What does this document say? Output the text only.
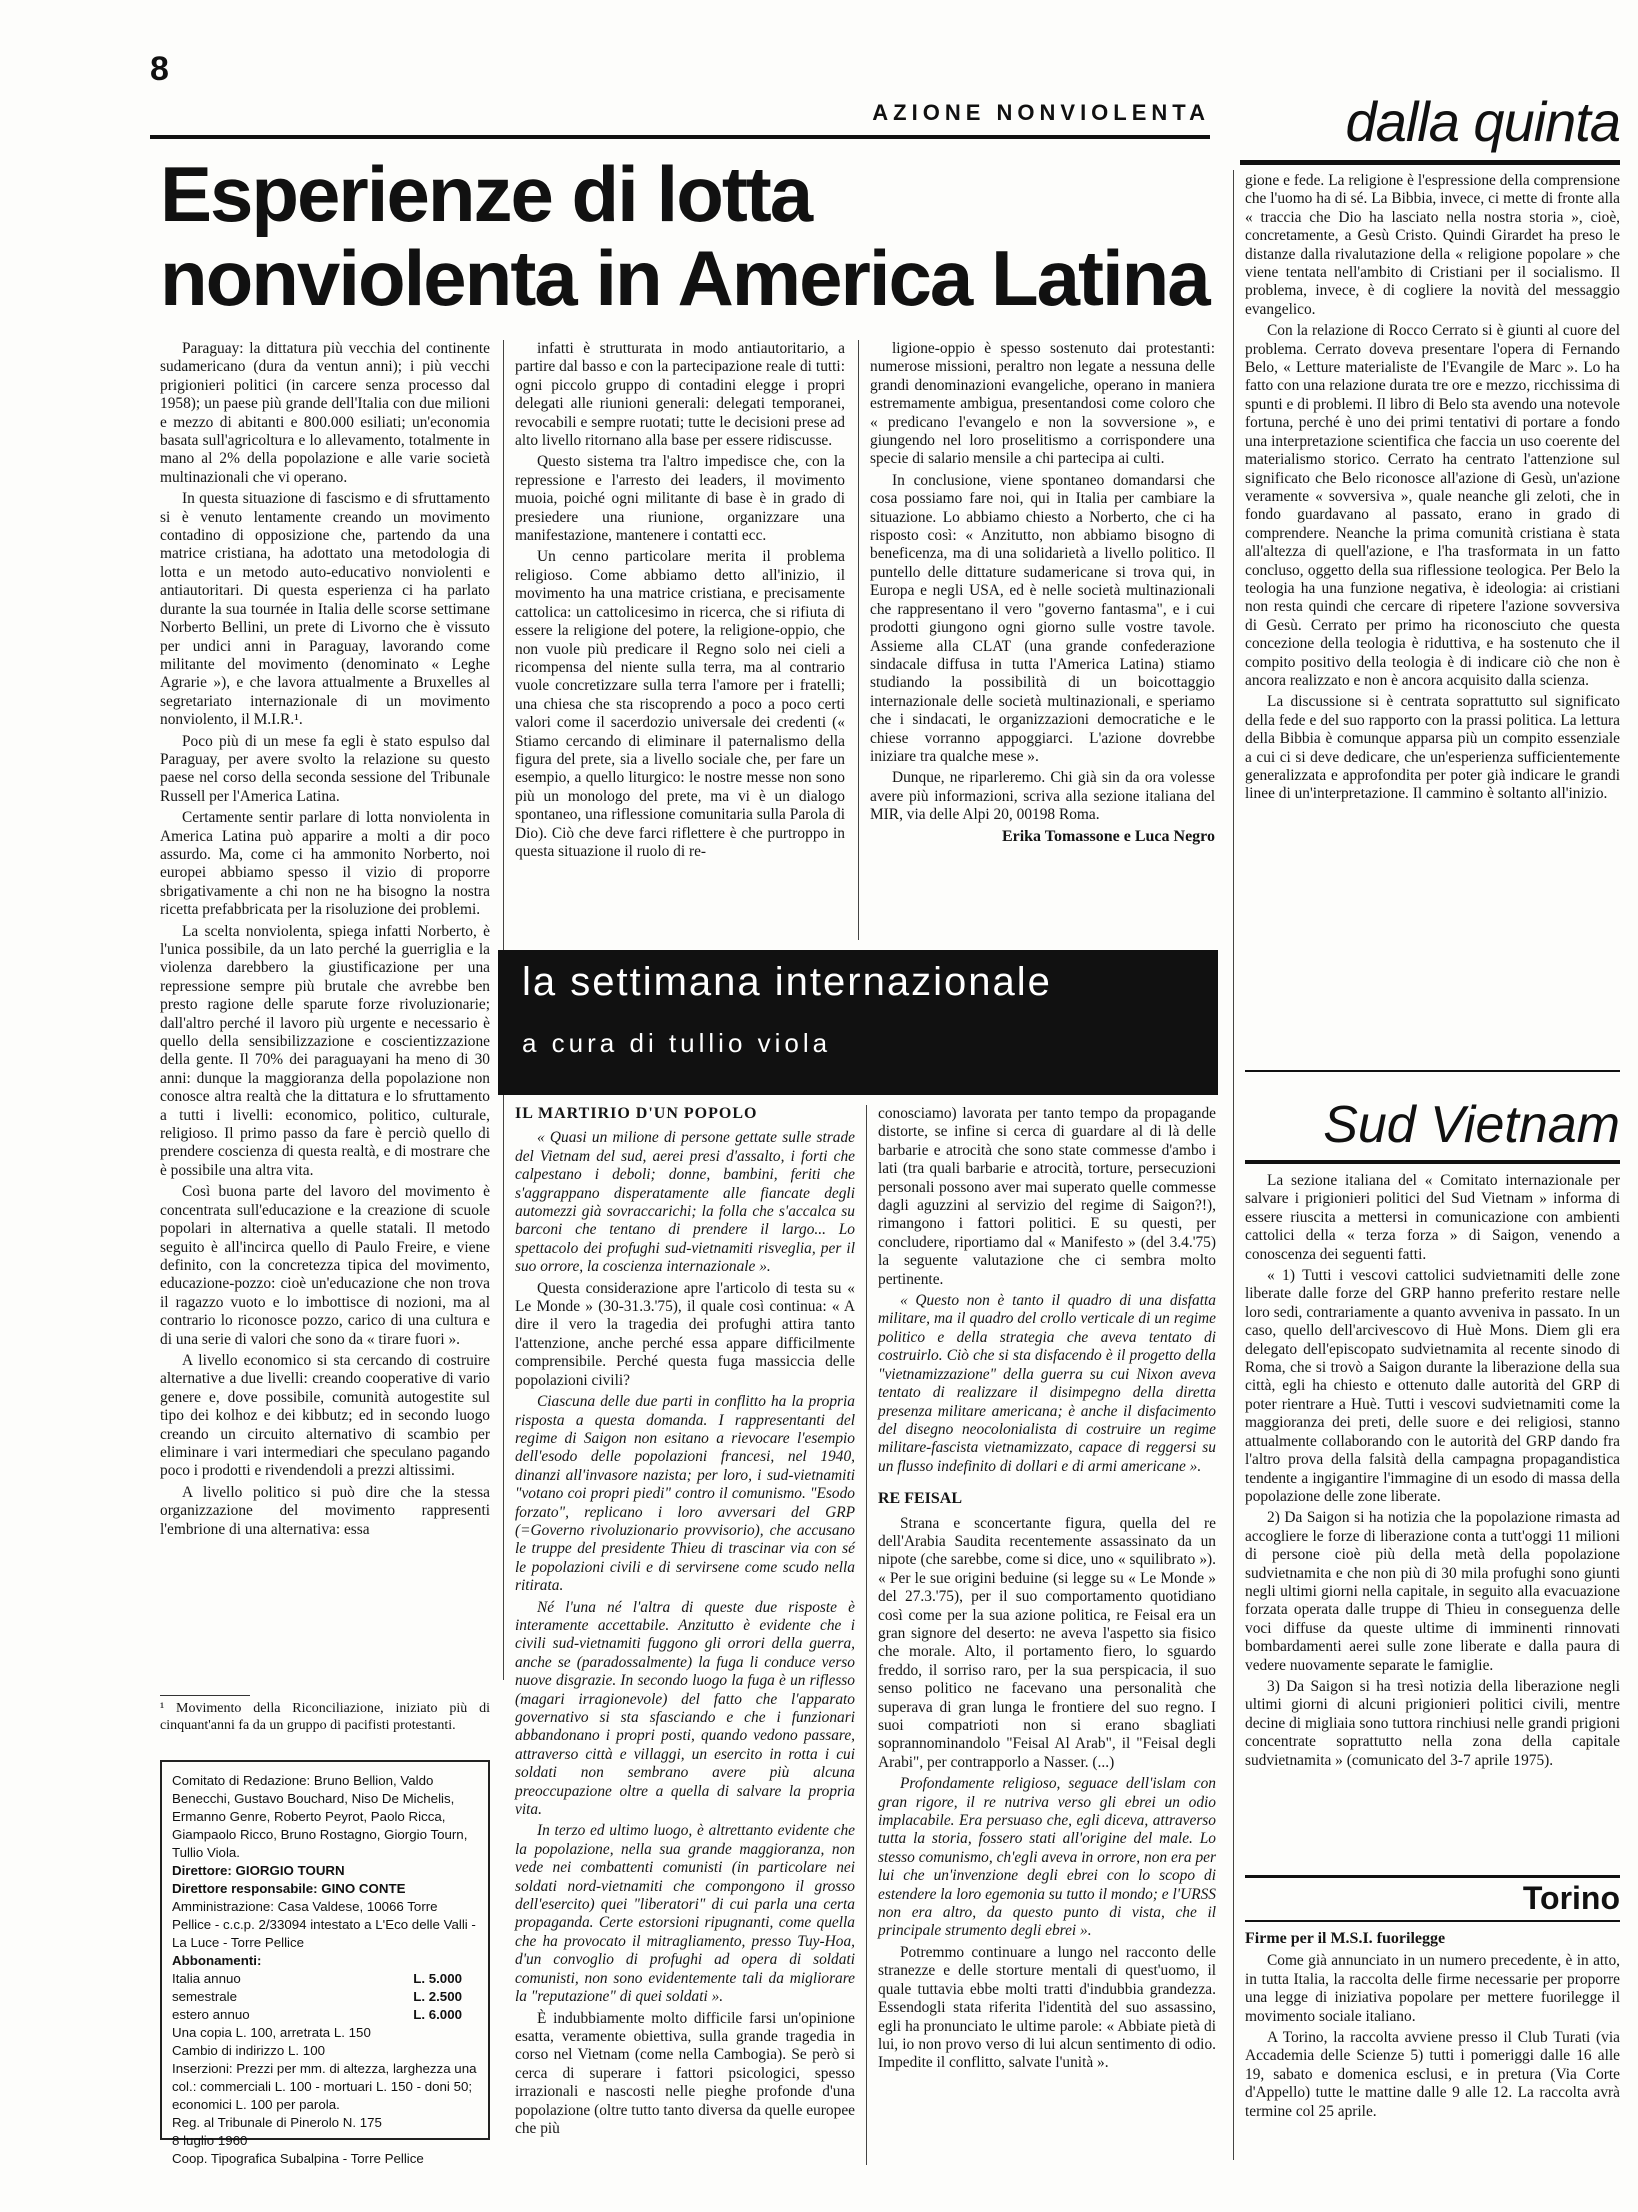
8
AZIONE NONVIOLENTA	dalla quinta
Esperienze di lotta nonviolenta in America Latina

Paraguay: la dittatura più vecchia del continente sudamericano (dura da ventun anni); i più vecchi prigionieri politici (in carcere senza processo dal 1958); un paese più grande dell'Italia con due milioni e mezzo di abitanti e 800.000 esiliati; un'economia basata sull'agricoltura e lo allevamento, totalmente in mano al 2% della popolazione e alle varie società multinazionali che vi operano.

In questa situazione di fascismo e di sfruttamento si è venuto lentamente creando un movimento contadino di opposizione che, partendo da una matrice cristiana, ha adottato una metodologia di lotta e un metodo auto-educativo nonviolenti e antiautoritari. Di questa esperienza ci ha parlato durante la sua tournée in Italia delle scorse settimane Norberto Bellini, un prete di Livorno che è vissuto per undici anni in Paraguay, lavorando come militante del movimento (denominato « Leghe Agrarie »), e che lavora attualmente a Bruxelles al segretariato internazionale di un movimento nonviolento, il M.I.R.¹.

Poco più di un mese fa egli è stato espulso dal Paraguay, per avere svolto la relazione su questo paese nel corso della seconda sessione del Tribunale Russell per l'America Latina.

Certamente sentir parlare di lotta nonviolenta in America Latina può apparire a molti a dir poco assurdo. Ma, come ci ha ammonito Norberto, noi europei abbiamo spesso il vizio di proporre sbrigativamente a chi non ne ha bisogno la nostra ricetta prefabbricata per la risoluzione dei problemi.

La scelta nonviolenta, spiega infatti Norberto, è l'unica possibile, da un lato perché la guerriglia e la violenza darebbero la giustificazione per una repressione sempre più brutale che avrebbe ben presto ragione delle sparute forze rivoluzionarie; dall'altro perché il lavoro più urgente e necessario è quello della sensibilizzazione e coscientizzazione della gente. Il 70% dei paraguayani ha meno di 30 anni: dunque la maggioranza della popolazione non conosce altra realtà che la dittatura e lo sfruttamento a tutti i livelli: economico, politico, culturale, religioso. Il primo passo da fare è perciò quello di prendere coscienza di questa realtà, e di mostrare che è possibile una altra vita.

Così buona parte del lavoro del movimento è concentrata sull'educazione e la creazione di scuole popolari in alternativa a quelle statali. Il metodo seguito è all'incirca quello di Paulo Freire, e viene definito, con la concretezza tipica del movimento, educazione-pozzo: cioè un'educazione che non trova il ragazzo vuoto e lo imbottisce di nozioni, ma al contrario lo riconosce pozzo, carico di una cultura e di una serie di valori che sono da « tirare fuori ».

A livello economico si sta cercando di costruire alternative a due livelli: creando cooperative di vario genere e, dove possibile, comunità autogestite sul tipo dei kolhoz e dei kibbutz; ed in secondo luogo creando un circuito alternativo di scambio per eliminare i vari intermediari che speculano pagando poco i prodotti e rivendendoli a prezzi altissimi.

A livello politico si può dire che la stessa organizzazione del movimento rappresenti l'embrione di una alternativa: essa

infatti è strutturata in modo antiautoritario, a partire dal basso e con la partecipazione reale di tutti: ogni piccolo gruppo di contadini elegge i propri delegati alle riunioni generali: delegati temporanei, revocabili e sempre ruotati; tutte le decisioni prese ad alto livello ritornano alla base per essere ridiscusse.

Questo sistema tra l'altro impedisce che, con la repressione e l'arresto dei leaders, il movimento muoia, poiché ogni militante di base è in grado di presiedere una riunione, organizzare una manifestazione, mantenere i contatti ecc.

Un cenno particolare merita il problema religioso. Come abbiamo detto all'inizio, il movimento ha una matrice cristiana, e precisamente cattolica: un cattolicesimo in ricerca, che si rifiuta di essere la religione del potere, la religione-oppio, che non vuole più predicare il Regno solo nei cieli a ricompensa del niente sulla terra, ma al contrario vuole concretizzare sulla terra l'amore per i fratelli; una chiesa che sta riscoprendo a poco a poco certi valori come il sacerdozio universale dei credenti (« Stiamo cercando di eliminare il paternalismo della figura del prete, sia a livello sociale che, per fare un esempio, a quello liturgico: le nostre messe non sono più un monologo del prete, ma vi è un dialogo spontaneo, una riflessione comunitaria sulla Parola di Dio). Ciò che deve farci riflettere è che purtroppo in questa situazione il ruolo di re-

ligione-oppio è spesso sostenuto dai protestanti: numerose missioni, peraltro non legate a nessuna delle grandi denominazioni evangeliche, operano in maniera estremamente ambigua, presentandosi come coloro che « predicano l'evangelo e non la sovversione », e giungendo nel loro proselitismo a corrispondere una specie di salario mensile a chi partecipa ai culti.

In conclusione, viene spontaneo domandarsi che cosa possiamo fare noi, qui in Italia per cambiare la situazione. Lo abbiamo chiesto a Norberto, che ci ha risposto così: « Anzitutto, non abbiamo bisogno di beneficenza, ma di una solidarietà a livello politico. Il puntello delle dittature sudamericane si trova qui, in Europa e negli USA, ed è nelle società multinazionali che rappresentano il vero "governo fantasma", e i cui prodotti giungono ogni giorno sulle vostre tavole. Assieme alla CLAT (una grande confederazione sindacale diffusa in tutta l'America Latina) stiamo studiando la possibilità di un boicottaggio internazionale delle società multinazionali, e speriamo che i sindacati, le organizzazioni democratiche e le chiese vorranno appoggiarci. L'azione dovrebbe iniziare tra qualche mese ».

Dunque, ne riparleremo. Chi già sin da ora volesse avere più informazioni, scriva alla sezione italiana del MIR, via delle Alpi 20, 00198 Roma.

Erika Tomassone e Luca Negro
¹ Movimento della Riconciliazione, iniziato più di cinquant'anni fa da un gruppo di pacifisti protestanti.
Comitato di Redazione: Bruno Bellion, Valdo Benecchi, Gustavo Bouchard, Niso De Michelis, Ermanno Genre, Roberto Peyrot, Paolo Ricca, Giampaolo Ricco, Bruno Rostagno, Giorgio Tourn, Tullio Viola.
Direttore: GIORGIO TOURN
Direttore responsabile: GINO CONTE
Amministrazione: Casa Valdese, 10066 Torre Pellice - c.c.p. 2/33094 intestato a L'Eco delle Valli - La Luce - Torre Pellice
Abbonamenti:
Italia annuo	L. 5.000
semestrale	L. 2.500
estero annuo	L. 6.000
Una copia L. 100, arretrata L. 150
Cambio di indirizzo L. 100
Inserzioni: Prezzi per mm. di altezza, larghezza una col.: commerciali L. 100 - mortuari L. 150 - doni 50; economici L. 100 per parola.
Reg. al Tribunale di Pinerolo N. 175
8 luglio 1960
Coop. Tipografica Subalpina - Torre Pellice
la settimana internazionale
a cura di tullio viola
IL MARTIRIO D'UN POPOLO

« Quasi un milione di persone gettate sulle strade del Vietnam del sud, aerei presi d'assalto, i forti che calpestano i deboli; donne, bambini, feriti che s'aggrappano disperatamente alle fiancate degli automezzi già sovraccarichi; la folla che s'accalca su barconi che tentano di prendere il largo... Lo spettacolo dei profughi sud-vietnamiti risveglia, per il suo orrore, la coscienza internazionale ».

Questa considerazione apre l'articolo di testa su « Le Monde » (30-31.3.'75), il quale così continua: « A dire il vero la tragedia dei profughi attira tanto l'attenzione, anche perché essa appare difficilmente comprensibile. Perché questa fuga massiccia delle popolazioni civili?

Ciascuna delle due parti in conflitto ha la propria risposta a questa domanda. I rappresentanti del regime di Saigon non esitano a rievocare l'esempio dell'esodo delle popolazioni francesi, nel 1940, dinanzi all'invasore nazista; per loro, i sud-vietnamiti "votano coi propri piedi" contro il comunismo. "Esodo forzato", replicano i loro avversari del GRP (=Governo rivoluzionario provvisorio), che accusano le truppe del presidente Thieu di trascinar via con sé le popolazioni civili e di servirsene come scudo nella ritirata.

Né l'una né l'altra di queste due risposte è interamente accettabile. Anzitutto è evidente che i civili sud-vietnamiti fuggono gli orrori della guerra, anche se (paradossalmente) la fuga li conduce verso nuove disgrazie. In secondo luogo la fuga è un riflesso (magari irragionevole) del fatto che l'apparato governativo si sta sfasciando e che i funzionari abbandonano i propri posti, quando vedono passare, attraverso città e villaggi, un esercito in rotta i cui soldati non sembrano avere più alcuna preoccupazione oltre a quella di salvare la propria vita.

In terzo ed ultimo luogo, è altrettanto evidente che la popolazione, nella sua grande maggioranza, non vede nei combattenti comunisti (in particolare nei soldati nord-vietnamiti che compongono il grosso dell'esercito) quei "liberatori" di cui parla una certa propaganda. Certe estorsioni ripugnanti, come quella che ha provocato il mitragliamento, presso Tuy-Hoa, d'un convoglio di profughi ad opera di soldati comunisti, non sono evidentemente tali da migliorare la "reputazione" di quei soldati ».

È indubbiamente molto difficile farsi un'opinione esatta, veramente obiettiva, sulla grande tragedia in corso nel Vietnam (come nella Cambogia). Se però si cerca di superare i fattori psicologici, spesso irrazionali e nascosti nelle pieghe profonde d'una popolazione (oltre tutto tanto diversa da quelle europee che più

conosciamo) lavorata per tanto tempo da propagande distorte, se infine si cerca di guardare al di là delle barbarie e atrocità che sono state commesse d'ambo i lati (tra quali barbarie e atrocità, torture, persecuzioni personali possono aver mai superato quelle commesse dagli aguzzini al servizio del regime di Saigon?!), rimangono i fattori politici. E su questi, per concludere, riportiamo dal « Manifesto » (del 3.4.'75) la seguente valutazione che ci sembra molto pertinente.

« Questo non è tanto il quadro di una disfatta militare, ma il quadro del crollo verticale di un regime politico e della strategia che aveva tentato di costruirlo. Ciò che si sta disfacendo è il progetto della "vietnamizzazione" della guerra su cui Nixon aveva tentato di realizzare il disimpegno della diretta presenza militare americana; è anche il disfacimento del disegno neocolonialista di costruire un regime militare-fascista vietnamizzato, capace di reggersi su un flusso indefinito di dollari e di armi americane ».

RE FEISAL

Strana e sconcertante figura, quella del re dell'Arabia Saudita recentemente assassinato da un nipote (che sarebbe, come si dice, uno « squilibrato »). « Per le sue origini beduine (si legge su « Le Monde » del 27.3.'75), per il suo comportamento quotidiano così come per la sua azione politica, re Feisal era un gran signore del deserto: ne aveva l'aspetto sia fisico che morale. Alto, il portamento fiero, lo sguardo freddo, il sorriso raro, per la sua perspicacia, il suo senso politico ne facevano una personalità che superava di gran lunga le frontiere del suo regno. I suoi compatrioti non si erano sbagliati soprannominandolo "Feisal Al Arab", il "Feisal degli Arabi", per contrapporlo a Nasser. (...)

Profondamente religioso, seguace dell'islam con gran rigore, il re nutriva verso gli ebrei un odio implacabile. Era persuaso che, egli diceva, attraverso tutta la storia, fossero stati all'origine del male. Lo stesso comunismo, ch'egli aveva in orrore, non era per lui che un'invenzione degli ebrei con lo scopo di estendere la loro egemonia su tutto il mondo; e l'URSS non era altro, da questo punto di vista, che il principale strumento degli ebrei ».

Potremmo continuare a lungo nel racconto delle stranezze e delle storture mentali di quest'uomo, il quale tuttavia ebbe molti tratti d'indubbia grandezza. Essendogli stata riferita l'identità del suo assassino, egli ha pronunciato le ultime parole: « Abbiate pietà di lui, io non provo verso di lui alcun sentimento di odio. Impedite il conflitto, salvate l'unità ».

gione e fede. La religione è l'espressione della comprensione che l'uomo ha di sé. La Bibbia, invece, ci mette di fronte alla « traccia che Dio ha lasciato nella nostra storia », cioè, concretamente, a Gesù Cristo. Quindi Girardet ha preso le distanze dalla rivalutazione della « religione popolare » che viene tentata nell'ambito di Cristiani per il socialismo. Il problema, invece, è di cogliere la novità del messaggio evangelico.

Con la relazione di Rocco Cerrato si è giunti al cuore del problema. Cerrato doveva presentare l'opera di Fernando Belo, « Letture materialiste de l'Evangile de Marc ». Lo ha fatto con una relazione durata tre ore e mezzo, ricchissima di spunti e di problemi. Il libro di Belo sta avendo una notevole fortuna, perché è uno dei primi tentativi di portare a fondo una interpretazione scientifica che faccia un uso coerente del materialismo storico. Cerrato ha centrato l'attenzione sul significato che Belo riconosce all'azione di Gesù, un'azione veramente « sovversiva », quale neanche gli zeloti, che in fondo guardavano al passato, erano in grado di comprendere. Neanche la prima comunità cristiana è stata all'altezza di quell'azione, e l'ha trasformata in un fatto concluso, oggetto della sua riflessione teologica. Per Belo la teologia ha una funzione negativa, è ideologia: ai cristiani non resta quindi che cercare di ripetere l'azione sovversiva di Gesù. Cerrato per primo ha riconosciuto che questa concezione della teologia è riduttiva, e ha sostenuto che il compito positivo della teologia è di indicare ciò che non è ancora realizzato e non è ancora acquisito dalla scienza.

La discussione si è centrata soprattutto sul significato della fede e del suo rapporto con la prassi politica. La lettura della Bibbia è comunque apparsa più un compito essenziale a cui ci si deve dedicare, che un'esperienza sufficientemente generalizzata e approfondita per poter già indicare le grandi linee di un'interpretazione. Il cammino è soltanto all'inizio.

Sud Vietnam

La sezione italiana del « Comitato internazionale per salvare i prigionieri politici del Sud Vietnam » informa di essere riuscita a mettersi in comunicazione con ambienti cattolici della « terza forza » di Saigon, venendo a conoscenza dei seguenti fatti.

« 1) Tutti i vescovi cattolici sudvietnamiti delle zone liberate dalle forze del GRP hanno preferito restare nelle loro sedi, contrariamente a quanto avveniva in passato. In un caso, quello dell'arcivescovo di Huè Mons. Diem gli era delegato dell'episcopato sudvietnamita al recente sinodo di Roma, che si trovò a Saigon durante la liberazione della sua città, egli ha chiesto e ottenuto dalle autorità del GRP di poter rientrare a Huè. Tutti i vescovi sudvietnamiti come la maggioranza dei preti, delle suore e dei religiosi, stanno attualmente collaborando con le autorità del GRP dando fra l'altro prova della falsità della campagna propagandistica tendente a ingigantire l'immagine di un esodo di massa della popolazione delle zone liberate.

2) Da Saigon si ha notizia che la popolazione rimasta ad accogliere le forze di liberazione conta a tutt'oggi 11 milioni di persone cioè più della metà della popolazione sudvietnamita e che non più di 30 mila profughi sono giunti negli ultimi giorni nella capitale, in seguito alla evacuazione forzata operata dalle truppe di Thieu in conseguenza delle voci diffuse da queste ultime di imminenti rinnovati bombardamenti aerei sulle zone liberate e dalla paura di vedere nuovamente separate le famiglie.

3) Da Saigon si ha tresì notizia della liberazione negli ultimi giorni di alcuni prigionieri politici civili, mentre decine di migliaia sono tuttora rinchiusi nelle grandi prigioni concentrate soprattutto nella zona della capitale sudvietnamita » (comunicato del 3-7 aprile 1975).

Torino
Firme per il M.S.I. fuorilegge

Come già annunciato in un numero precedente, è in atto, in tutta Italia, la raccolta delle firme necessarie per proporre una legge di iniziativa popolare per mettere fuorilegge il movimento sociale italiano.

A Torino, la raccolta avviene presso il Club Turati (via Accademia delle Scienze 5) tutti i pomeriggi dalle 16 alle 19, sabato e domenica esclusi, e in pretura (Via Corte d'Appello) tutte le mattine dalle 9 alle 12. La raccolta avrà termine col 25 aprile.
